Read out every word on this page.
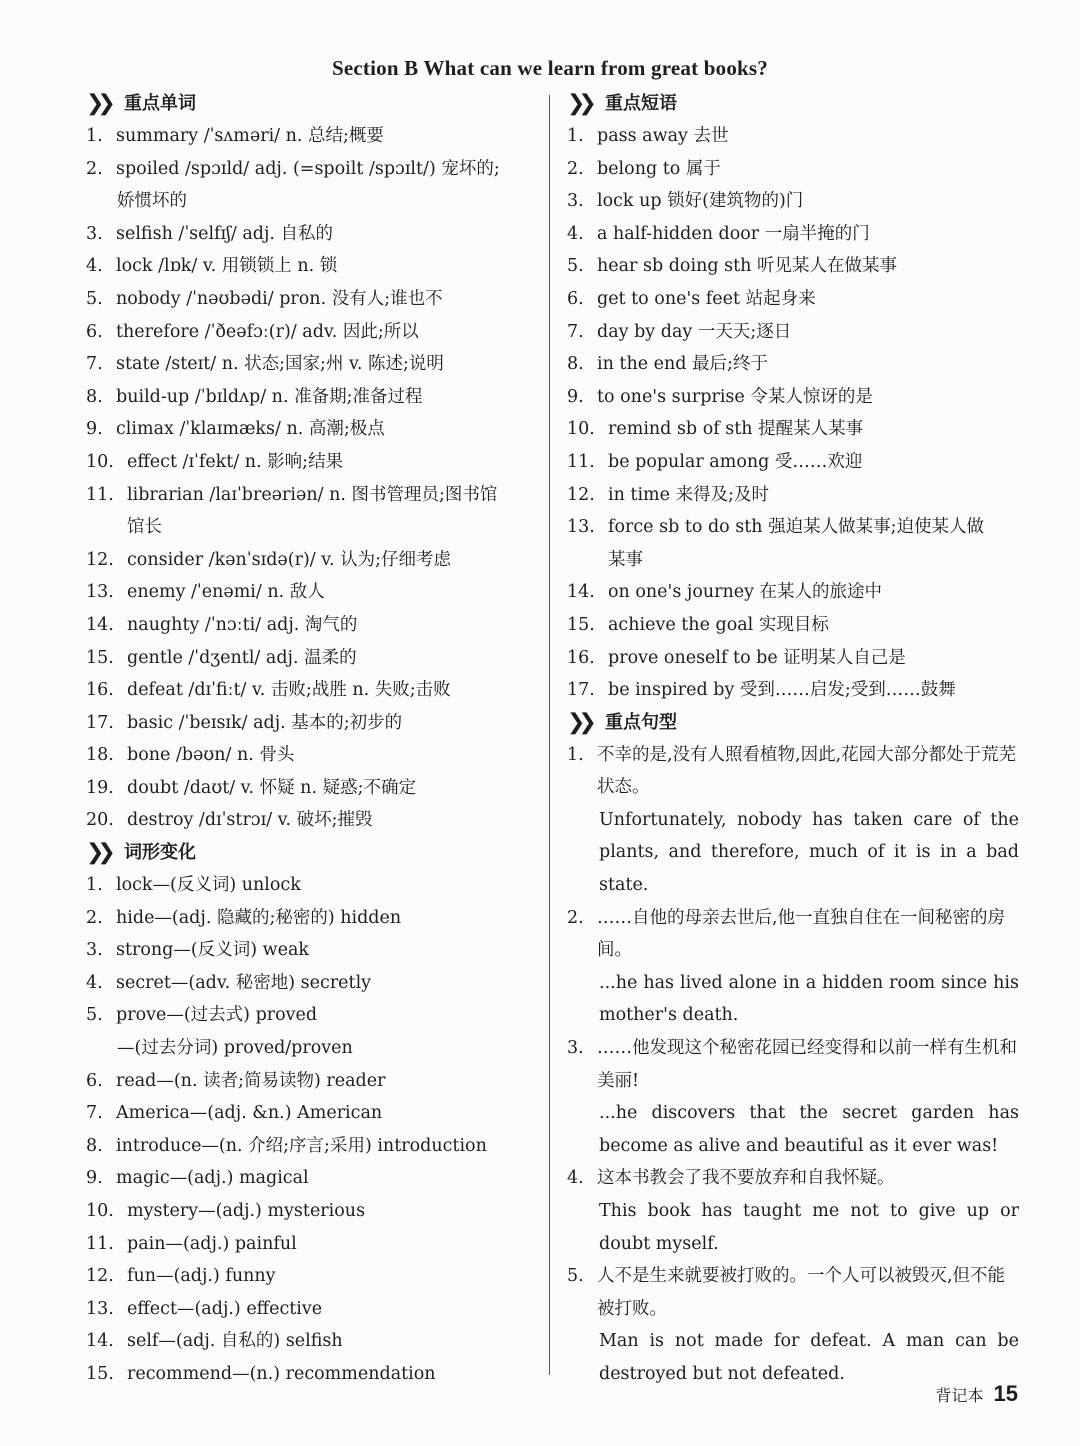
Section B What can we learn from great books?
❯❯ 重点单词
1. summary /ˈsʌməri/ n. 总结;概要
2. spoiled /spɔɪld/ adj. (=spoilt /spɔɪlt/) 宠坏的;
娇惯坏的
3. selfish /ˈselfɪʃ/ adj. 自私的
4. lock /lɒk/ v. 用锁锁上 n. 锁
5. nobody /ˈnəʊbədi/ pron. 没有人;谁也不
6. therefore /ˈðeəfɔː(r)/ adv. 因此;所以
7. state /steɪt/ n. 状态;国家;州 v. 陈述;说明
8. build-up /ˈbɪldʌp/ n. 准备期;准备过程
9. climax /ˈklaɪmæks/ n. 高潮;极点
10. effect /ɪˈfekt/ n. 影响;结果
11. librarian /laɪˈbreəriən/ n. 图书管理员;图书馆
馆长
12. consider /kənˈsɪdə(r)/ v. 认为;仔细考虑
13. enemy /ˈenəmi/ n. 敌人
14. naughty /ˈnɔːti/ adj. 淘气的
15. gentle /ˈdʒentl/ adj. 温柔的
16. defeat /dɪˈfiːt/ v. 击败;战胜 n. 失败;击败
17. basic /ˈbeɪsɪk/ adj. 基本的;初步的
18. bone /bəʊn/ n. 骨头
19. doubt /daʊt/ v. 怀疑 n. 疑惑;不确定
20. destroy /dɪˈstrɔɪ/ v. 破坏;摧毁
❯❯ 词形变化
1. lock—(反义词) unlock
2. hide—(adj. 隐藏的;秘密的) hidden
3. strong—(反义词) weak
4. secret—(adv. 秘密地) secretly
5. prove—(过去式) proved
—(过去分词) proved/proven
6. read—(n. 读者;简易读物) reader
7. America—(adj. &n.) American
8. introduce—(n. 介绍;序言;采用) introduction
9. magic—(adj.) magical
10. mystery—(adj.) mysterious
11. pain—(adj.) painful
12. fun—(adj.) funny
13. effect—(adj.) effective
14. self—(adj. 自私的) selfish
15. recommend—(n.) recommendation
❯❯ 重点短语
1. pass away 去世
2. belong to 属于
3. lock up 锁好(建筑物的)门
4. a half-hidden door 一扇半掩的门
5. hear sb doing sth 听见某人在做某事
6. get to one's feet 站起身来
7. day by day 一天天;逐日
8. in the end 最后;终于
9. to one's surprise 令某人惊讶的是
10. remind sb of sth 提醒某人某事
11. be popular among 受……欢迎
12. in time 来得及;及时
13. force sb to do sth 强迫某人做某事;迫使某人做
某事
14. on one's journey 在某人的旅途中
15. achieve the goal 实现目标
16. prove oneself to be 证明某人自己是
17. be inspired by 受到……启发;受到……鼓舞
❯❯ 重点句型
1. 不幸的是,没有人照看植物,因此,花园大部分都处于荒芜状态。
Unfortunately, nobody has taken care of the plants, and therefore, much of it is in a bad state.
2. ……自他的母亲去世后,他一直独自住在一间秘密的房间。
...he has lived alone in a hidden room since his mother's death.
3. ……他发现这个秘密花园已经变得和以前一样有生机和美丽!
...he discovers that the secret garden has become as alive and beautiful as it ever was!
4. 这本书教会了我不要放弃和自我怀疑。
This book has taught me not to give up or doubt myself.
5. 人不是生来就要被打败的。一个人可以被毁灭,但不能被打败。
Man is not made for defeat. A man can be destroyed but not defeated.
背记本 15
